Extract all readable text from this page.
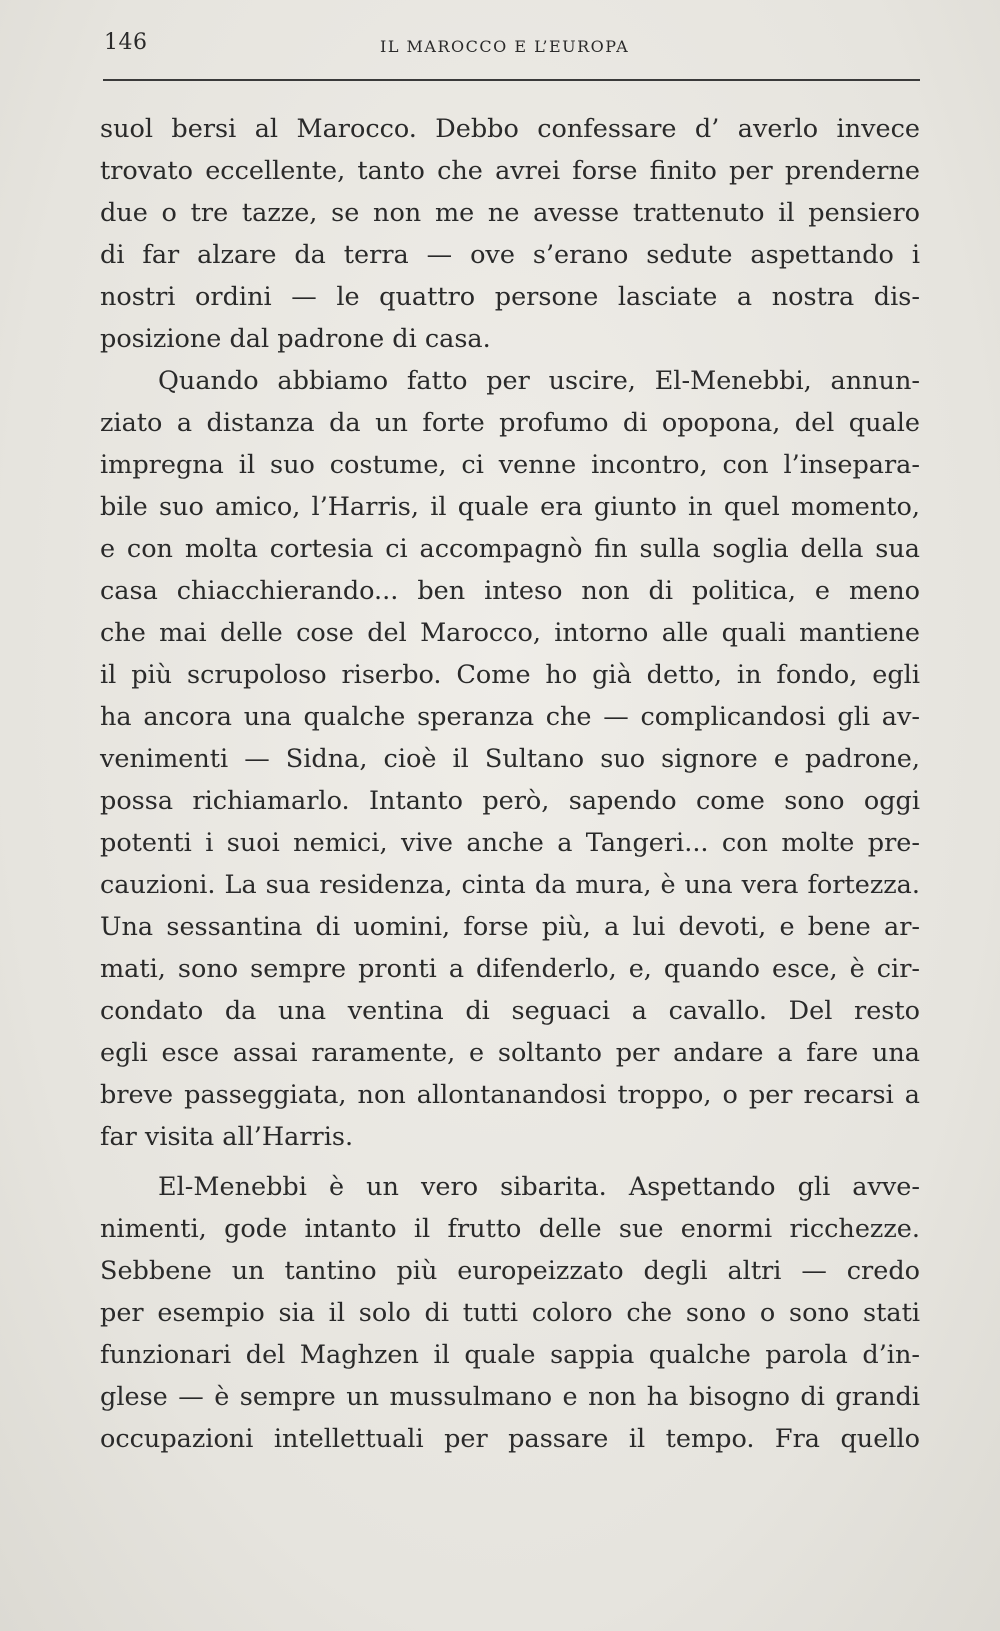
146	IL MAROCCO E L’EUROPA
suol bersi al Marocco. Debbo confessare d’ averlo invece
trovato eccellente, tanto che avrei forse finito per prenderne
due o tre tazze, se non me ne avesse trattenuto il pensiero
di far alzare da terra — ove s’erano sedute aspettando i
nostri ordini — le quattro persone lasciate a nostra dis-
posizione dal padrone di casa.
Quando abbiamo fatto per uscire, El-Menebbi, annun-
ziato a distanza da un forte profumo di opopona, del quale
impregna il suo costume, ci venne incontro, con l’insepara-
bile suo amico, l’Harris, il quale era giunto in quel momento,
e con molta cortesia ci accompagnò fin sulla soglia della sua
casa chiacchierando... ben inteso non di politica, e meno
che mai delle cose del Marocco, intorno alle quali mantiene
il più scrupoloso riserbo. Come ho già detto, in fondo, egli
ha ancora una qualche speranza che — complicandosi gli av-
venimenti — Sidna, cioè il Sultano suo signore e padrone,
possa richiamarlo. Intanto però, sapendo come sono oggi
potenti i suoi nemici, vive anche a Tangeri... con molte pre-
cauzioni. La sua residenza, cinta da mura, è una vera fortezza.
Una sessantina di uomini, forse più, a lui devoti, e bene ar-
mati, sono sempre pronti a difenderlo, e, quando esce, è cir-
condato da una ventina di seguaci a cavallo. Del resto
egli esce assai raramente, e soltanto per andare a fare una
breve passeggiata, non allontanandosi troppo, o per recarsi a
far visita all’Harris.
El-Menebbi è un vero sibarita. Aspettando gli avve-
nimenti, gode intanto il frutto delle sue enormi ricchezze.
Sebbene un tantino più europeizzato degli altri — credo
per esempio sia il solo di tutti coloro che sono o sono stati
funzionari del Maghzen il quale sappia qualche parola d’in-
glese — è sempre un mussulmano e non ha bisogno di grandi
occupazioni intellettuali per passare il tempo. Fra quello
